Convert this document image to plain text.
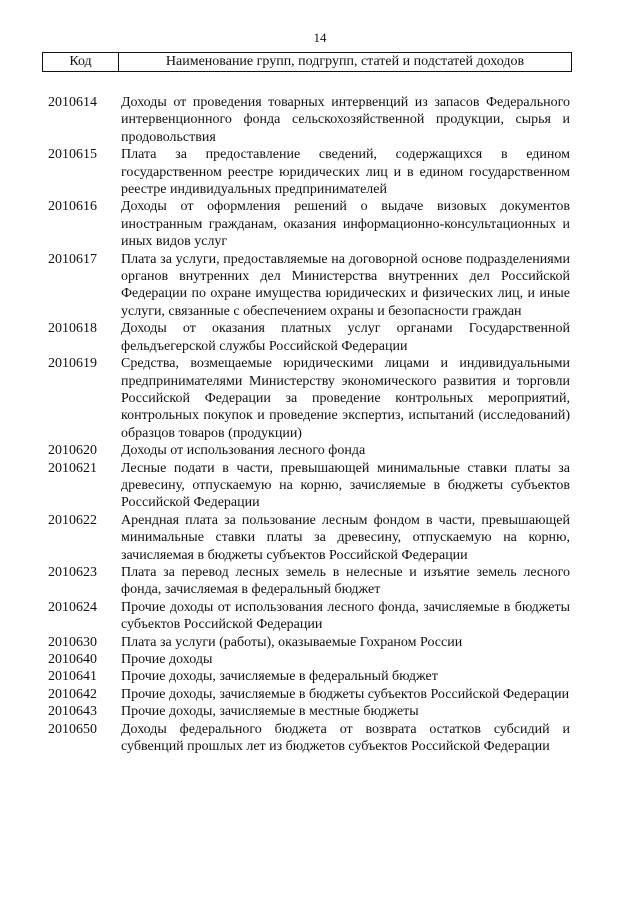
14
Код	Наименование групп, подгрупп, статей и подстатей доходов
2010614	Доходы от проведения товарных интервенций из запасов Федерального интервенционного фонда сельскохозяйственной продукции, сырья и продовольствия
2010615	Плата за предоставление сведений, содержащихся в едином государственном реестре юридических лиц и в едином государственном реестре индивидуальных предпринимателей
2010616	Доходы от оформления решений о выдаче визовых документов иностранным гражданам, оказания информационно-консультационных и иных видов услуг
2010617	Плата за услуги, предоставляемые на договорной основе подразделениями органов внутренних дел Министерства внутренних дел Российской Федерации по охране имущества юридических и физических лиц, и иные услуги, связанные с обеспечением охраны и безопасности граждан
2010618	Доходы от оказания платных услуг органами Государственной фельдъегерской службы Российской Федерации
2010619	Средства, возмещаемые юридическими лицами и индивидуальными предпринимателями Министерству экономического развития и торговли Российской Федерации за проведение контрольных мероприятий, контрольных покупок и проведение экспертиз, испытаний (исследований) образцов товаров (продукции)
2010620	Доходы от использования лесного фонда
2010621	Лесные подати в части, превышающей минимальные ставки платы за древесину, отпускаемую на корню, зачисляемые в бюджеты субъектов Российской Федерации
2010622	Арендная плата за пользование лесным фондом в части, превышающей минимальные ставки платы за древесину, отпускаемую на корню, зачисляемая в бюджеты субъектов Российской Федерации
2010623	Плата за перевод лесных земель в нелесные и изъятие земель лесного фонда, зачисляемая в федеральный бюджет
2010624	Прочие доходы от использования лесного фонда, зачисляемые в бюджеты субъектов Российской Федерации
2010630	Плата за услуги (работы), оказываемые Гохраном России
2010640	Прочие доходы
2010641	Прочие доходы, зачисляемые в федеральный бюджет
2010642	Прочие доходы, зачисляемые в бюджеты субъектов Российской Федерации
2010643	Прочие доходы, зачисляемые в местные бюджеты
2010650	Доходы федерального бюджета от возврата остатков субсидий и субвенций прошлых лет из бюджетов субъектов Российской Федерации
